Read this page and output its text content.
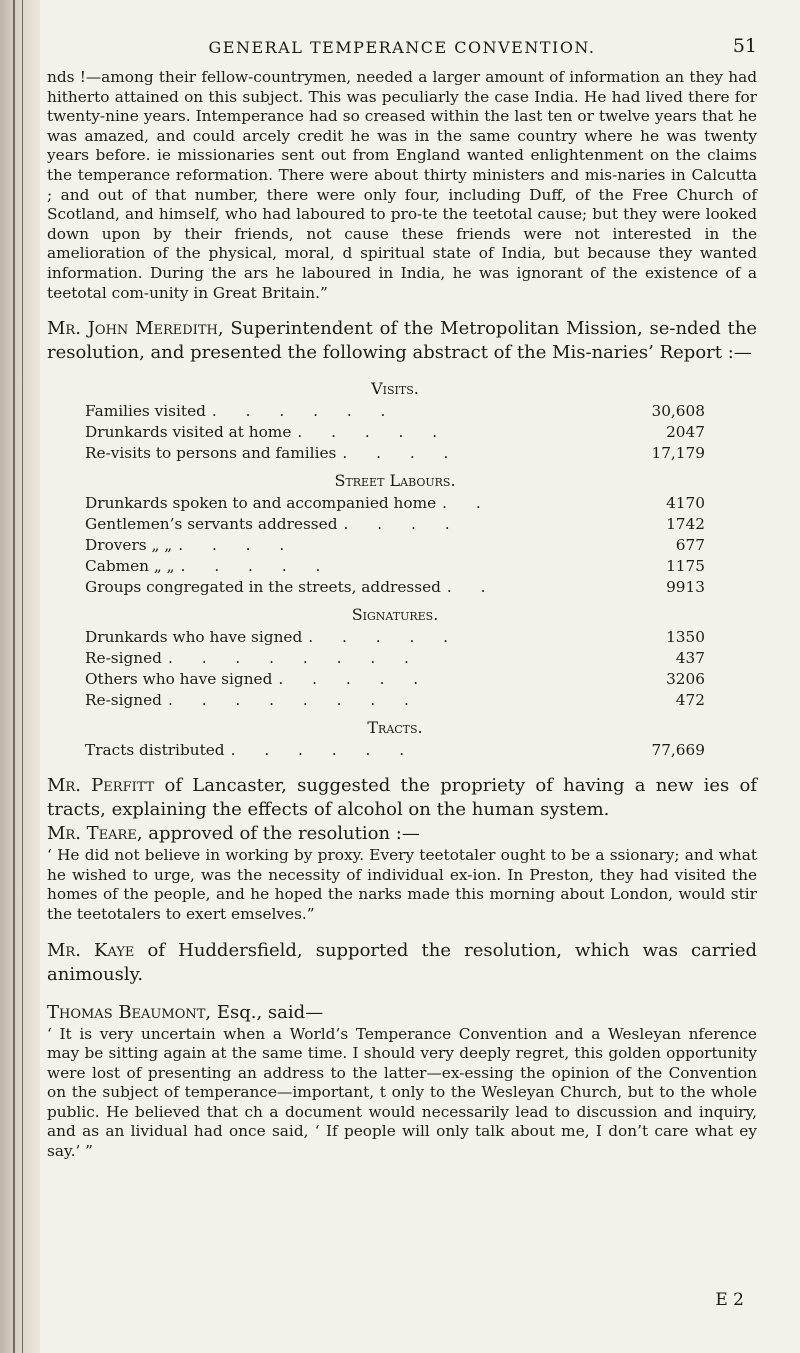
GENERAL TEMPERANCE CONVENTION.	51

nds !—among their fellow-countrymen, needed a larger amount of information an they had hitherto attained on this subject. This was peculiarly the case India. He had lived there for twenty-nine years. Intemperance had so creased within the last ten or twelve years that he was amazed, and could arcely credit he was in the same country where he was twenty years before. ie missionaries sent out from England wanted enlightenment on the claims the temperance reformation. There were about thirty ministers and mis-naries in Calcutta ; and out of that number, there were only four, including Duff, of the Free Church of Scotland, and himself, who had laboured to pro-te the teetotal cause; but they were looked down upon by their friends, not cause these friends were not interested in the amelioration of the physical, moral, d spiritual state of India, but because they wanted information. During the ars he laboured in India, he was ignorant of the existence of a teetotal com-unity in Great Britain.”

Mr. John Meredith, Superintendent of the Metropolitan Mission, se-nded the resolution, and presented the following abstract of the Mis-naries’ Report :—

Visits.
Families visited . . . . . .	30,608
Drunkards visited at home . . . . .	2047
Re-visits to persons and families . . . .	17,179
Street Labours.
Drunkards spoken to and accompanied home . .	4170
Gentlemen’s servants addressed . . . .	1742
Drovers „ „ . . . .	677
Cabmen „ „ . . . . .	1175
Groups congregated in the streets, addressed . .	9913
Signatures.
Drunkards who have signed . . . . .	1350
Re-signed . . . . . . . .	437
Others who have signed . . . . .	3206
Re-signed . . . . . . . .	472
Tracts.
Tracts distributed . . . . . .	77,669

Mr. Perfitt of Lancaster, suggested the propriety of having a new ies of tracts, explaining the effects of alcohol on the human system.

Mr. Teare, approved of the resolution :—

‘ He did not believe in working by proxy. Every teetotaler ought to be a ssionary; and what he wished to urge, was the necessity of individual ex-ion. In Preston, they had visited the homes of the people, and he hoped the narks made this morning about London, would stir the teetotalers to exert emselves.”

Mr. Kaye of Huddersfield, supported the resolution, which was carried animously.

Thomas Beaumont, Esq., said—

‘ It is very uncertain when a World’s Temperance Convention and a Wesleyan nference may be sitting again at the same time. I should very deeply regret, this golden opportunity were lost of presenting an address to the latter—ex-essing the opinion of the Convention on the subject of temperance—important, t only to the Wesleyan Church, but to the whole public. He believed that ch a document would necessarily lead to discussion and inquiry, and as an lividual had once said, ‘ If people will only talk about me, I don’t care what ey say.’ ”

E 2
